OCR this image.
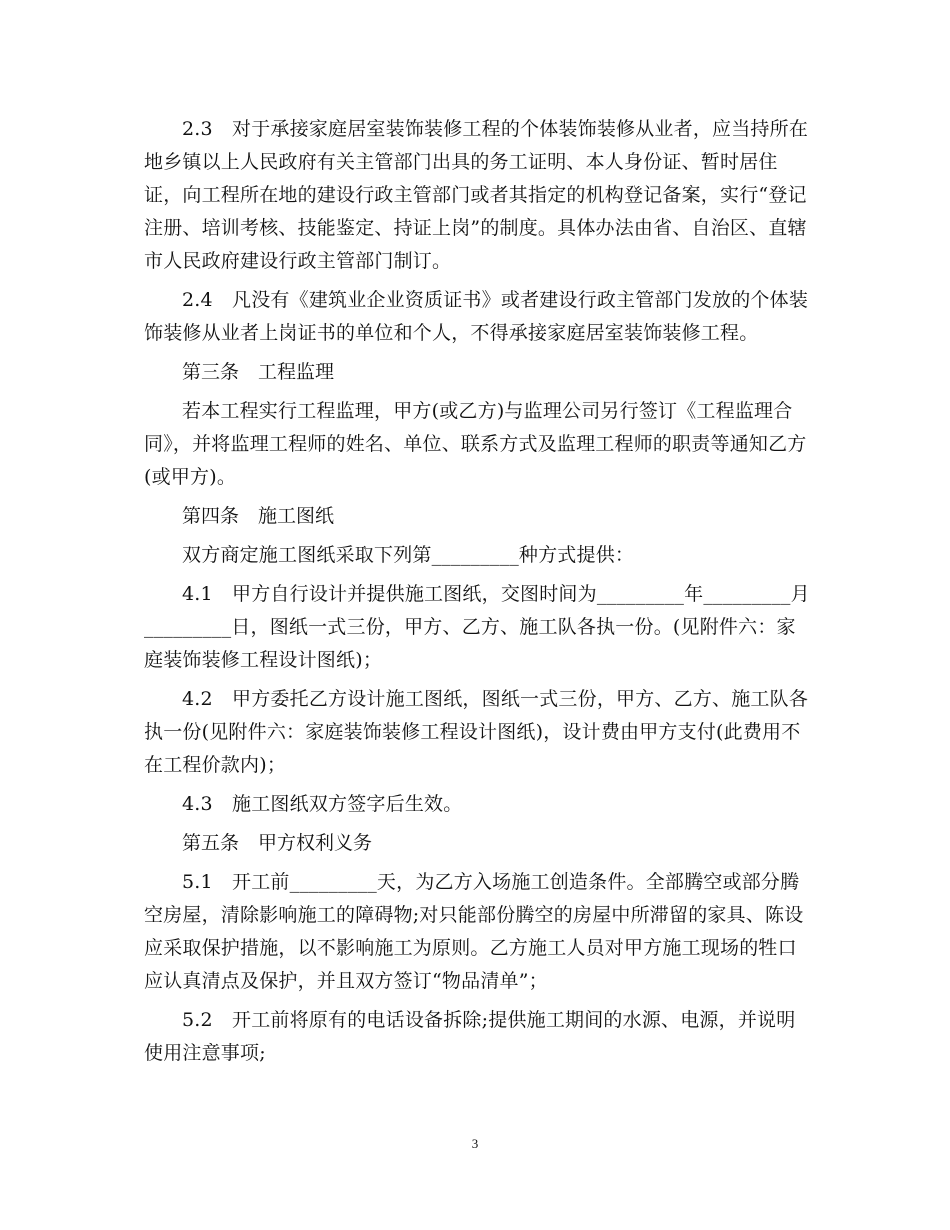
2.3　对于承接家庭居室装饰装修工程的个体装饰装修从业者，应当持所在地乡镇以上人民政府有关主管部门出具的务工证明、本人身份证、暂时居住证，向工程所在地的建设行政主管部门或者其指定的机构登记备案，实行“登记注册、培训考核、技能鉴定、持证上岗”的制度。具体办法由省、自治区、直辖市人民政府建设行政主管部门制订。

2.4　凡没有《建筑业企业资质证书》或者建设行政主管部门发放的个体装饰装修从业者上岗证书的单位和个人，不得承接家庭居室装饰装修工程。

第三条　工程监理

若本工程实行工程监理，甲方(或乙方)与监理公司另行签订《工程监理合同》，并将监理工程师的姓名、单位、联系方式及监理工程师的职责等通知乙方(或甲方)。

第四条　施工图纸

双方商定施工图纸采取下列第_________种方式提供：

4.1　甲方自行设计并提供施工图纸，交图时间为_________年_________月_________日，图纸一式三份，甲方、乙方、施工队各执一份。(见附件六：家庭装饰装修工程设计图纸)；

4.2　甲方委托乙方设计施工图纸，图纸一式三份，甲方、乙方、施工队各执一份(见附件六：家庭装饰装修工程设计图纸)，设计费由甲方支付(此费用不在工程价款内)；

4.3　施工图纸双方签字后生效。

第五条　甲方权利义务

5.1　开工前_________天，为乙方入场施工创造条件。全部腾空或部分腾空房屋，清除影响施工的障碍物;对只能部份腾空的房屋中所滞留的家具、陈设应采取保护措施，以不影响施工为原则。乙方施工人员对甲方施工现场的牲口应认真清点及保护，并且双方签订“物品清单”；

5.2　开工前将原有的电话设备拆除;提供施工期间的水源、电源，并说明使用注意事项;

3
